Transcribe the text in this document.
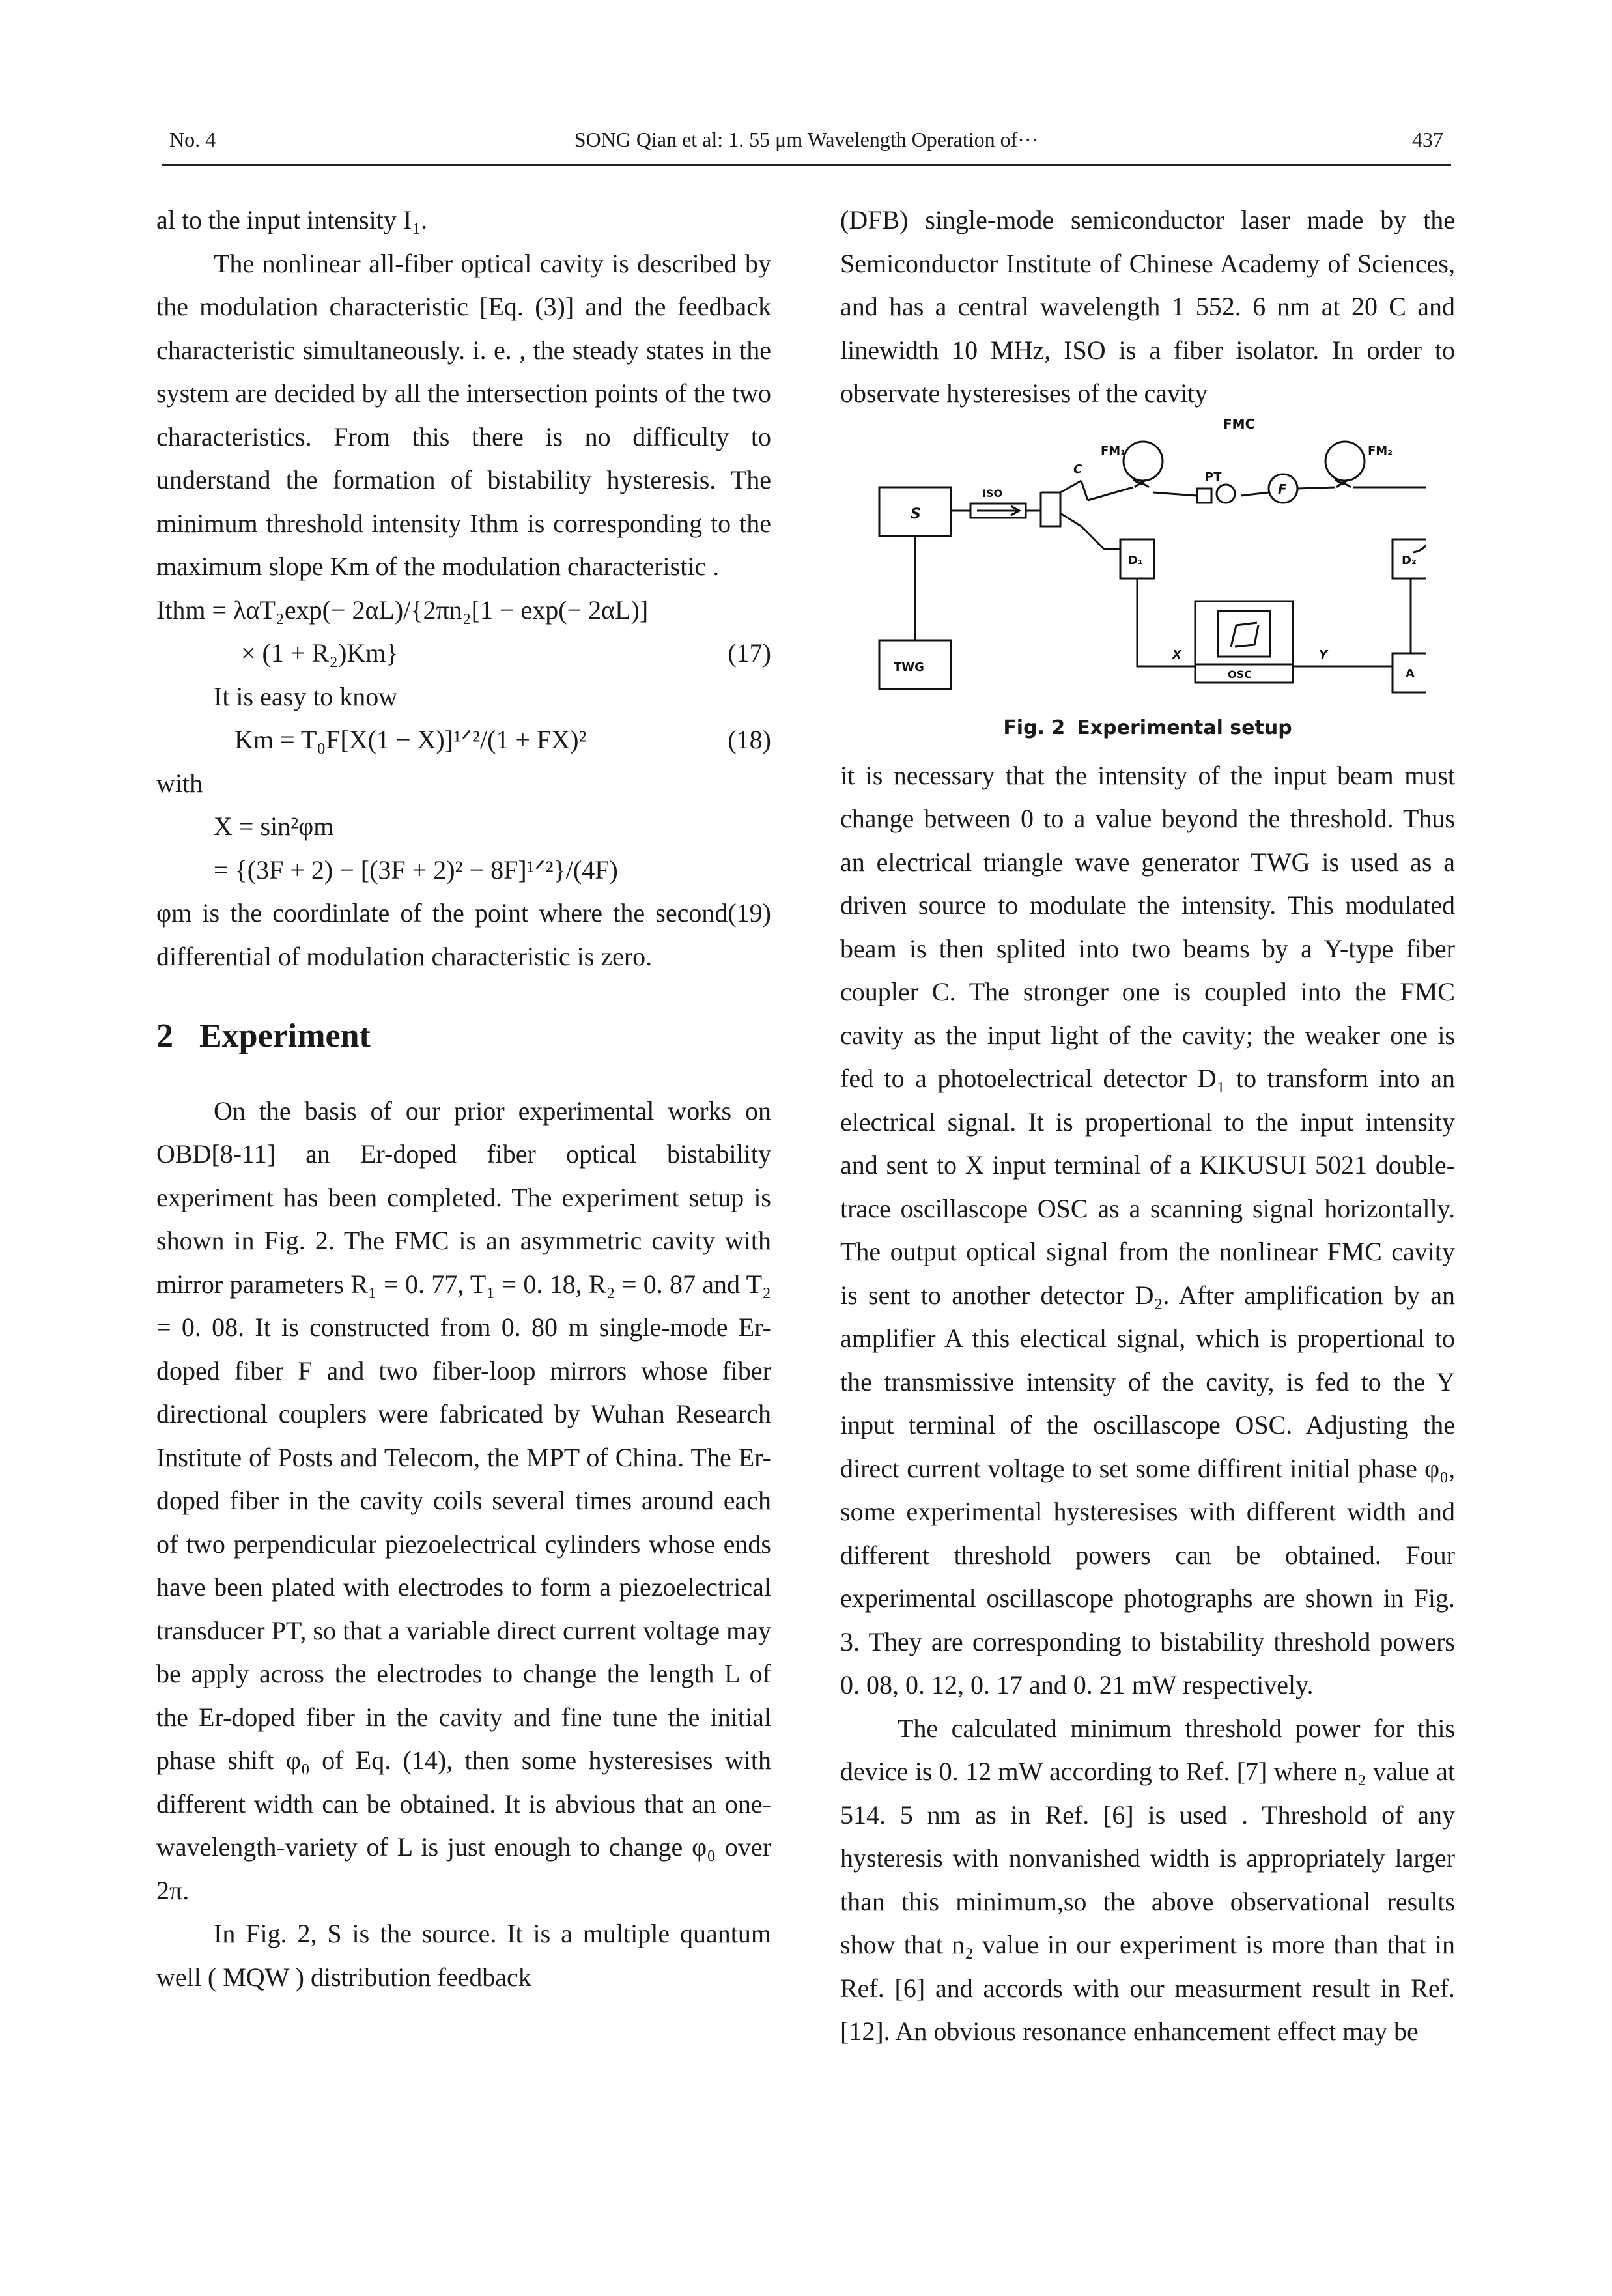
No. 4	SONG Qian et al: 1. 55 μm Wavelength Operation of···	437

al to the input intensity I₁.

The nonlinear all-fiber optical cavity is described by the modulation characteristic [Eq. (3)] and the feedback characteristic simultaneously. i. e. , the steady states in the system are decided by all the intersection points of the two characteristics. From this there is no difficulty to understand the formation of bistability hysteresis. The minimum threshold intensity Ithm is corresponding to the maximum slope Km of the modulation characteristic .

Ithm = λαT₂exp(− 2αL)/{2πn₂[1 − exp(− 2αL)]

× (1 + R₂)Km}	(17)

It is easy to know

Km = T₀F[X(1 − X)]¹ᐟ²/(1 + FX)²	(18)

with

X = sin²φm

= {(3F + 2) − [(3F + 2)² − 8F]¹ᐟ²}/(4F)

(19)

φm is the coordinlate of the point where the second differential of modulation characteristic is zero.

2 Experiment

On the basis of our prior experimental works on OBD[8-11] an Er-doped fiber optical bistability experiment has been completed. The experiment setup is shown in Fig. 2. The FMC is an asymmetric cavity with mirror parameters R₁ = 0. 77, T₁ = 0. 18, R₂ = 0. 87 and T₂ = 0. 08. It is constructed from 0. 80 m single-mode Er-doped fiber F and two fiber-loop mirrors whose fiber directional couplers were fabricated by Wuhan Research Institute of Posts and Telecom, the MPT of China. The Er-doped fiber in the cavity coils several times around each of two perpendicular piezoelectrical cylinders whose ends have been plated with electrodes to form a piezoelectrical transducer PT, so that a variable direct current voltage may be apply across the electrodes to change the length L of the Er-doped fiber in the cavity and fine tune the initial phase shift φ₀ of Eq. (14), then some hysteresises with different width can be obtained. It is abvious that an one-wavelength-variety of L is just enough to change φ₀ over 2π.

In Fig. 2, S is the source. It is a multiple quantum well ( MQW ) distribution feedback

(DFB) single-mode semiconductor laser made by the Semiconductor Institute of Chinese Academy of Sciences, and has a central wavelength 1 552. 6 nm at 20 C and linewidth 10 MHz, ISO is a fiber isolator. In order to observate hysteresises of the cavity

FMC
FM₁	FM₂
PT
F
S
ISO
C
D₁	D₂
TWG
OSC
X
A
Y
Fig. 2 Experimental setup

it is necessary that the intensity of the input beam must change between 0 to a value beyond the threshold. Thus an electrical triangle wave generator TWG is used as a driven source to modulate the intensity. This modulated beam is then splited into two beams by a Y-type fiber coupler C. The stronger one is coupled into the FMC cavity as the input light of the cavity; the weaker one is fed to a photoelectrical detector D₁ to transform into an electrical signal. It is propertional to the input intensity and sent to X input terminal of a KIKUSUI 5021 double-trace oscillascope OSC as a scanning signal horizontally. The output optical signal from the nonlinear FMC cavity is sent to another detector D₂. After amplification by an amplifier A this electical signal, which is propertional to the transmissive intensity of the cavity, is fed to the Y input terminal of the oscillascope OSC. Adjusting the direct current voltage to set some diffirent initial phase φ₀, some experimental hysteresises with different width and different threshold powers can be obtained. Four experimental oscillascope photographs are shown in Fig. 3. They are corresponding to bistability threshold powers 0. 08, 0. 12, 0. 17 and 0. 21 mW respectively.

The calculated minimum threshold power for this device is 0. 12 mW according to Ref. [7] where n₂ value at 514. 5 nm as in Ref. [6] is used . Threshold of any hysteresis with nonvanished width is appropriately larger than this minimum,so the above observational results show that n₂ value in our experiment is more than that in Ref. [6] and accords with our measurment result in Ref. [12]. An obvious resonance enhancement effect may be
